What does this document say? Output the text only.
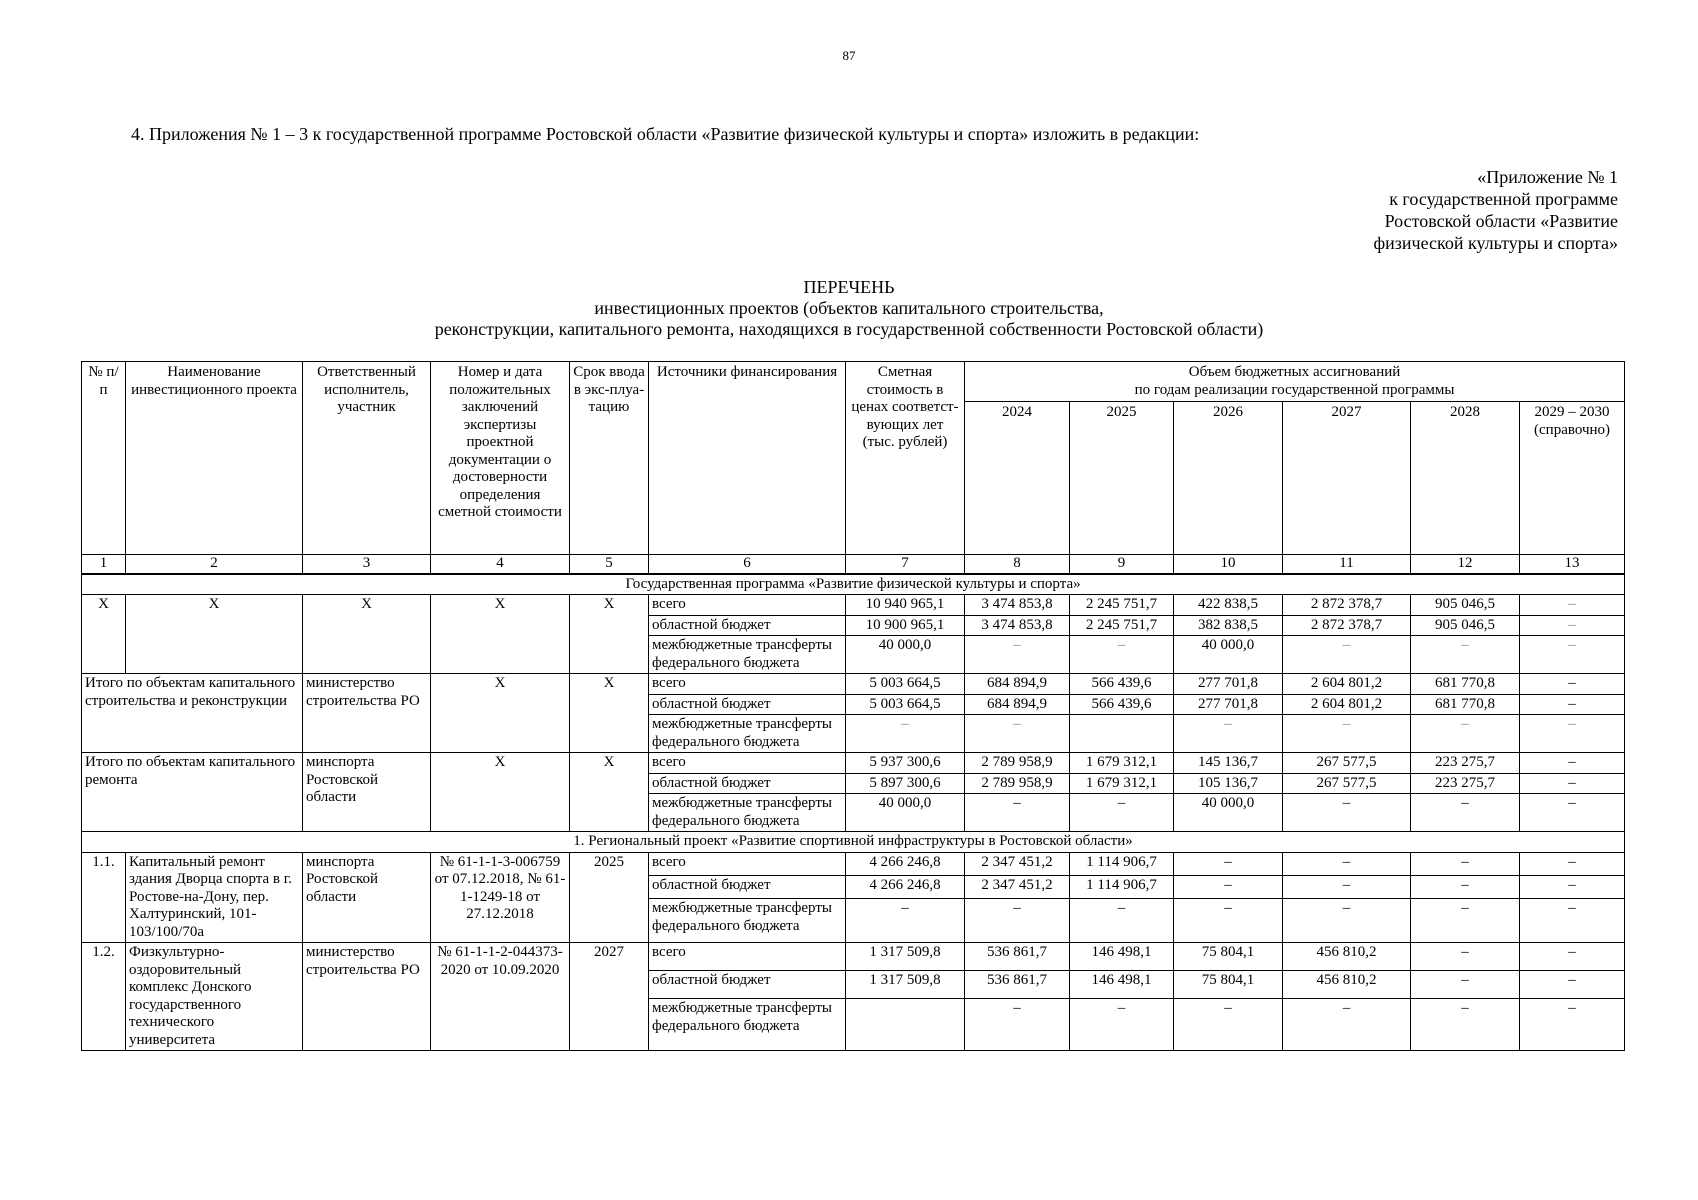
87
4. Приложения № 1 – 3 к государственной программе Ростовской области «Развитие физической культуры и спорта» изложить в редакции:
«Приложение № 1
к государственной программе
Ростовской области «Развитие
физической культуры и спорта»
ПЕРЕЧЕНЬ
инвестиционных проектов (объектов капитального строительства,
реконструкции, капитального ремонта, находящихся в государственной собственности Ростовской области)
№ п/п	Наименование инвестиционного проекта	Ответственный исполнитель, участник	Номер и дата положительных заключений экспертизы проектной документации о достоверности определения сметной стоимости	Срок ввода в экс-плуа-тацию	Источники финансирования	Сметная стоимость в ценах соответст-вующих лет (тыс. рублей)	Объем бюджетных ассигнований
по годам реализации государственной программы					

							2024	2025	2026	2027	2028	2029 – 2030
(справочно)

1	2	3	4	5	6	7	8	9	10	11	12	13
Государственная программа «Развитие физической культуры и спорта»												
X	X	X	X	X	всего	10 940 965,1	3 474 853,8	2 245 751,7	422 838,5	2 872 378,7	905 046,5	–
					областной бюджет	10 900 965,1	3 474 853,8	2 245 751,7	382 838,5	2 872 378,7	905 046,5	–
					межбюджетные трансферты федерального бюджета	40 000,0	–	–	40 000,0	–	–	–
Итого по объектам капитального строительства и реконструкции		министерство строительства РО	X	X	всего	5 003 664,5	684 894,9	566 439,6	277 701,8	2 604 801,2	681 770,8	–
					областной бюджет	5 003 664,5	684 894,9	566 439,6	277 701,8	2 604 801,2	681 770,8	–
					межбюджетные трансферты федерального бюджета	–	–		–	–	–	–
Итого по объектам капитального ремонта		минспорта Ростовской области	X	X	всего	5 937 300,6	2 789 958,9	1 679 312,1	145 136,7	267 577,5	223 275,7	–
					областной бюджет	5 897 300,6	2 789 958,9	1 679 312,1	105 136,7	267 577,5	223 275,7	–
					межбюджетные трансферты федерального бюджета	40 000,0	–	–	40 000,0	–	–	–
1. Региональный проект «Развитие спортивной инфраструктуры в Ростовской области»												
1.1.	Капитальный ремонт здания Дворца спорта в г. Ростове-на-Дону, пер. Халтуринский, 101-103/100/70а	минспорта Ростовской области	№ 61-1-1-3-006759 от 07.12.2018, № 61-1-1249-18 от 27.12.2018	2025	всего	4 266 246,8	2 347 451,2	1 114 906,7	–	–	–	–
					областной бюджет	4 266 246,8	2 347 451,2	1 114 906,7	–	–	–	–
					межбюджетные трансферты федерального бюджета	–	–	–	–	–	–	–
1.2.	Физкультурно-оздоровительный комплекс Донского государственного технического университета	министерство строительства РО	№ 61-1-1-2-044373-2020 от 10.09.2020	2027	всего	1 317 509,8	536 861,7	146 498,1	75 804,1	456 810,2	–	–
					областной бюджет	1 317 509,8	536 861,7	146 498,1	75 804,1	456 810,2	–	–
					межбюджетные трансферты федерального бюджета		–	–	–	–	–	–
